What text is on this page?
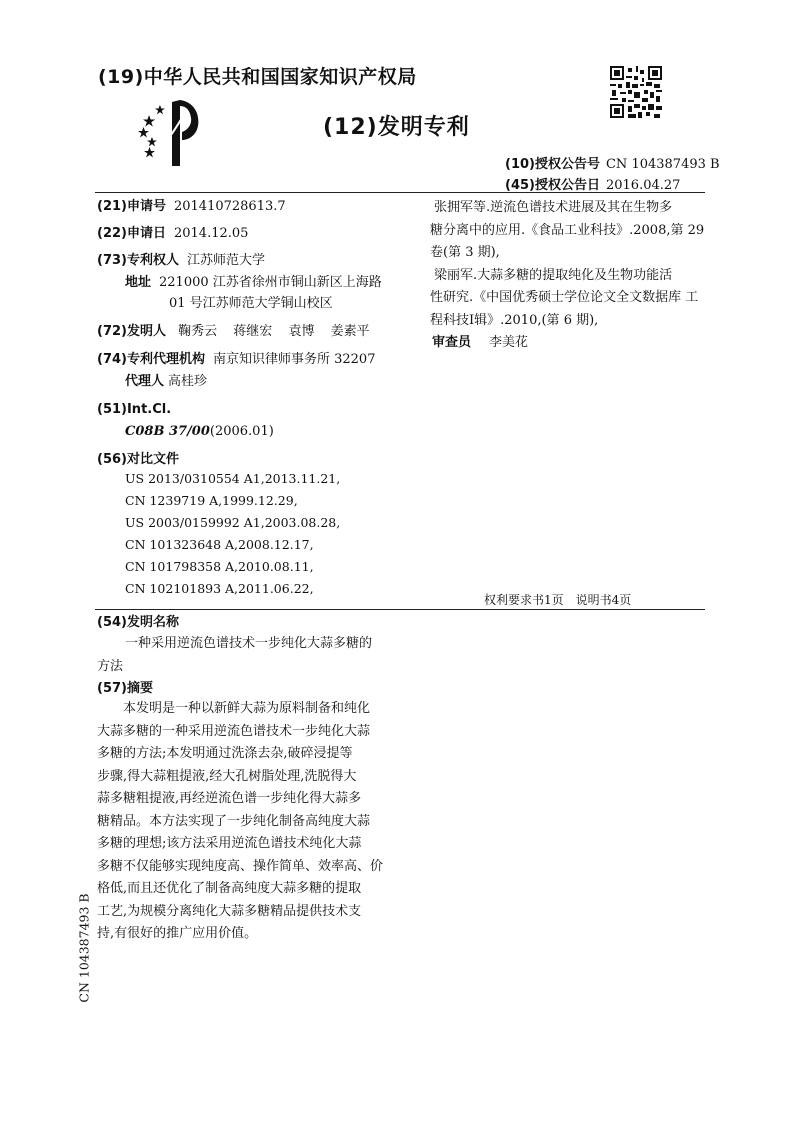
(19)中华人民共和国国家知识产权局
(12)发明专利
(10)授权公告号 CN 104387493 B
(45)授权公告日 2016.04.27
(21)申请号 201410728613.7
(22)申请日 2014.12.05
(73)专利权人 江苏师范大学
地址 221000 江苏省徐州市铜山新区上海路
01 号江苏师范大学铜山校区
(72)发明人 鞠秀云 蒋继宏 袁博 姜素平
(74)专利代理机构 南京知识律师事务所 32207
代理人 高桂珍
(51)Int.Cl.
C08B 37/00(2006.01)
(56)对比文件
US 2013/0310554 A1,2013.11.21,
CN 1239719 A,1999.12.29,
US 2003/0159992 A1,2003.08.28,
CN 101323648 A,2008.12.17,
CN 101798358 A,2010.08.11,
CN 102101893 A,2011.06.22,
张拥军等.逆流色谱技术进展及其在生物多
糖分离中的应用.《食品工业科技》.2008,第 29
卷(第 3 期),
梁丽军.大蒜多糖的提取纯化及生物功能活
性研究.《中国优秀硕士学位论文全文数据库 工
程科技Ⅰ辑》.2010,(第 6 期),
审查员 李美花
权利要求书1页　说明书4页
(54)发明名称
一种采用逆流色谱技术一步纯化大蒜多糖的
方法
(57)摘要
本发明是一种以新鲜大蒜为原料制备和纯化
大蒜多糖的一种采用逆流色谱技术一步纯化大蒜
多糖的方法;本发明通过洗涤去杂,破碎浸提等
步骤,得大蒜粗提液,经大孔树脂处理,洗脱得大
蒜多糖粗提液,再经逆流色谱一步纯化得大蒜多
糖精品。本方法实现了一步纯化制备高纯度大蒜
多糖的理想;该方法采用逆流色谱技术纯化大蒜
多糖不仅能够实现纯度高、操作简单、效率高、价
格低,而且还优化了制备高纯度大蒜多糖的提取
工艺,为规模分离纯化大蒜多糖精品提供技术支
持,有很好的推广应用价值。
CN 104387493 B
